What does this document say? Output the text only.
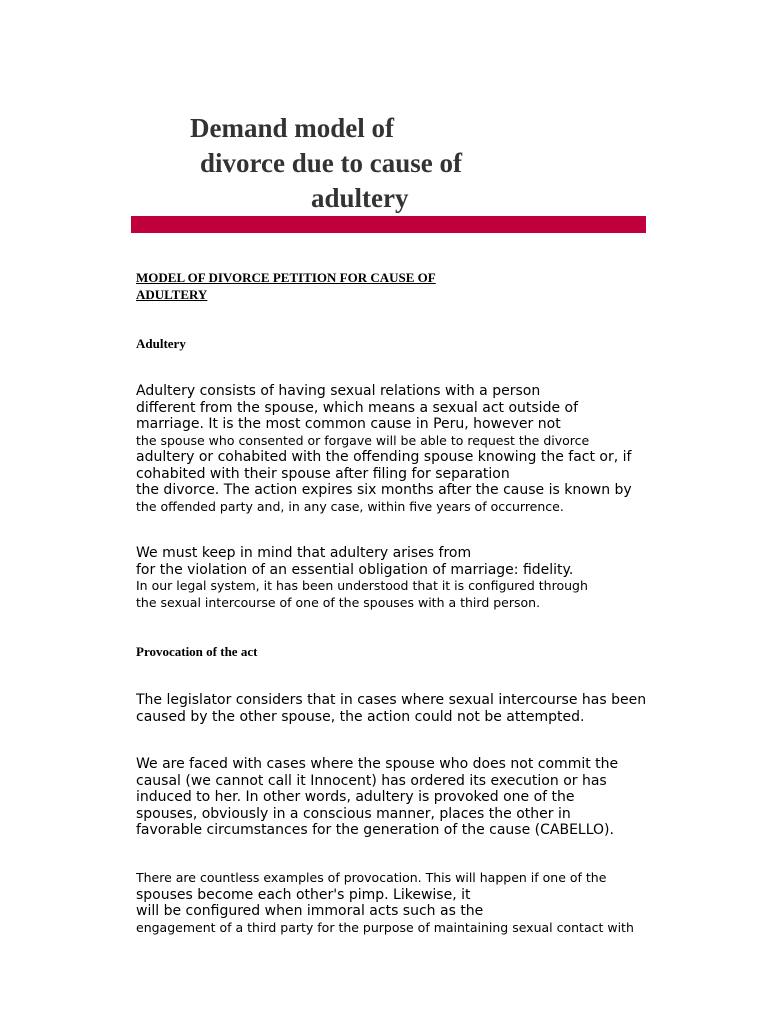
Demand model of
divorce due to cause of
adultery

MODEL OF DIVORCE PETITION FOR CAUSE OF
ADULTERY

Adultery

Adultery consists of having sexual relations with a person
different from the spouse, which means a sexual act outside of
marriage. It is the most common cause in Peru, however not
the spouse who consented or forgave will be able to request the divorce
adultery or cohabited with the offending spouse knowing the fact or, if
cohabited with their spouse after filing for separation
the divorce. The action expires six months after the cause is known by
the offended party and, in any case, within five years of occurrence.
We must keep in mind that adultery arises from
for the violation of an essential obligation of marriage: fidelity.
In our legal system, it has been understood that it is configured through
the sexual intercourse of one of the spouses with a third person.

Provocation of the act

The legislator considers that in cases where sexual intercourse has been
caused by the other spouse, the action could not be attempted.
We are faced with cases where the spouse who does not commit the
causal (we cannot call it Innocent) has ordered its execution or has
induced to her. In other words, adultery is provoked one of the
spouses, obviously in a conscious manner, places the other in
favorable circumstances for the generation of the cause (CABELLO).
There are countless examples of provocation. This will happen if one of the
spouses become each other's pimp. Likewise, it
will be configured when immoral acts such as the
engagement of a third party for the purpose of maintaining sexual contact with
